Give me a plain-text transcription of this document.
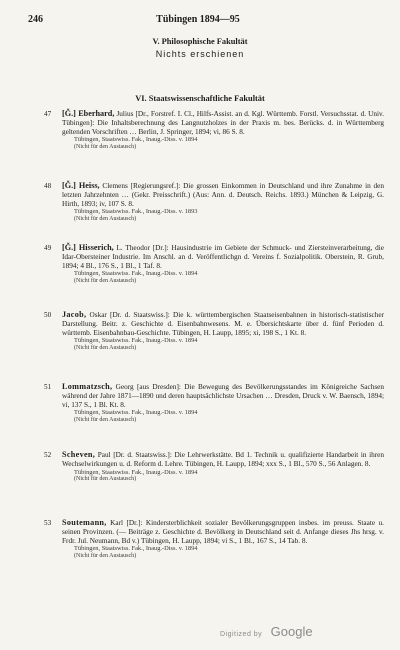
246	Tübingen 1894—95
V. Philosophische Fakultät
Nichts erschienen
VI. Staatswissenschaftliche Fakultät
47 [Ǧ.] Eberhard, Julius [Dr., Forstref. I. Cl., Hilfs-Assist. an d. Kgl. Württemb. Forstl. Versuchsstat. d. Univ. Tübingen]: Die Inhaltsberechnung des Langnutzholzes in der Praxis m. bes. Berücks. d. in Württemberg geltenden Vorschriften … Berlin, J. Springer, 1894; vi, 86 S. 8.
Tübingen, Staatswiss. Fak., Inaug.-Diss. v. 1894
(Nicht für den Austausch)
48 [Ǧ.] Heiss, Clemens [Regierungsref.]: Die grossen Einkommen in Deutschland und ihre Zunahme in den letzten Jahrzehnten … (Gekr. Preisschrift.) (Aus: Ann. d. Deutsch. Reichs. 1893.) München & Leipzig, G. Hirth, 1893; iv, 107 S. 8.
Tübingen, Staatswiss. Fak., Inaug.-Diss. v. 1893
(Nicht für den Austausch)
49 [Ǧ.] Hisserich, L. Theodor [Dr.]: Hausindustrie im Gebiete der Schmuck- und Ziersteinverarbeitung, die Idar-Obersteiner Industrie. Im Anschl. an d. Veröffentlichgn d. Vereins f. Sozialpolitik. Oberstein, R. Grub, 1894; 4 Bl., 176 S., 1 Bl., 1 Taf. 8.
Tübingen, Staatswiss. Fak., Inaug.-Diss. v. 1894
(Nicht für den Austausch)
50 Jacob, Oskar [Dr. d. Staatswiss.]: Die k. württembergischen Staatseisenbahnen in historisch-statistischer Darstellung. Beitr. z. Geschichte d. Eisenbahnwesens. M. e. Übersichtskarte über d. fünf Perioden d. württemb. Eisenbahnbau-Geschichte. Tübingen, H. Laupp, 1895; xi, 198 S., 1 Kt. 8.
Tübingen, Staatswiss. Fak., Inaug.-Diss. v. 1894
(Nicht für den Austausch)
51 Lommatzsch, Georg [aus Dresden]: Die Bewegung des Bevölkerungsstandes im Königreiche Sachsen während der Jahre 1871—1890 und deren hauptsächlichste Ursachen … Dresden, Druck v. W. Baensch, 1894; vi, 137 S., 1 Bl. Kt. 8.
Tübingen, Staatswiss. Fak., Inaug.-Diss. v. 1894
(Nicht für den Austausch)
52 Scheven, Paul [Dr. d. Staatswiss.]: Die Lehrwerkstätte. Bd 1. Technik u. qualifizierte Handarbeit in ihren Wechselwirkungen u. d. Reform d. Lehre. Tübingen, H. Laupp, 1894; xxx S., 1 Bl., 570 S., 56 Anlagen. 8.
Tübingen, Staatswiss. Fak., Inaug.-Diss. v. 1894
(Nicht für den Austausch)
53 Soutemann, Karl [Dr.]: Kindersterblichkeit sozialer Bevölkerungsgruppen insbes. im preuss. Staate u. seinen Provinzen. (— Beiträge z. Geschichte d. Bevölkerg in Deutschland seit d. Anfange dieses Jhs hrsg. v. Frdr. Jul. Neumann, Bd v.) Tübingen, H. Laupp, 1894; vi S., 1 Bl., 167 S., 14 Tab. 8.
Tübingen, Staatswiss. Fak., Inaug.-Diss. v. 1894
(Nicht für den Austausch)
Digitized by Google
